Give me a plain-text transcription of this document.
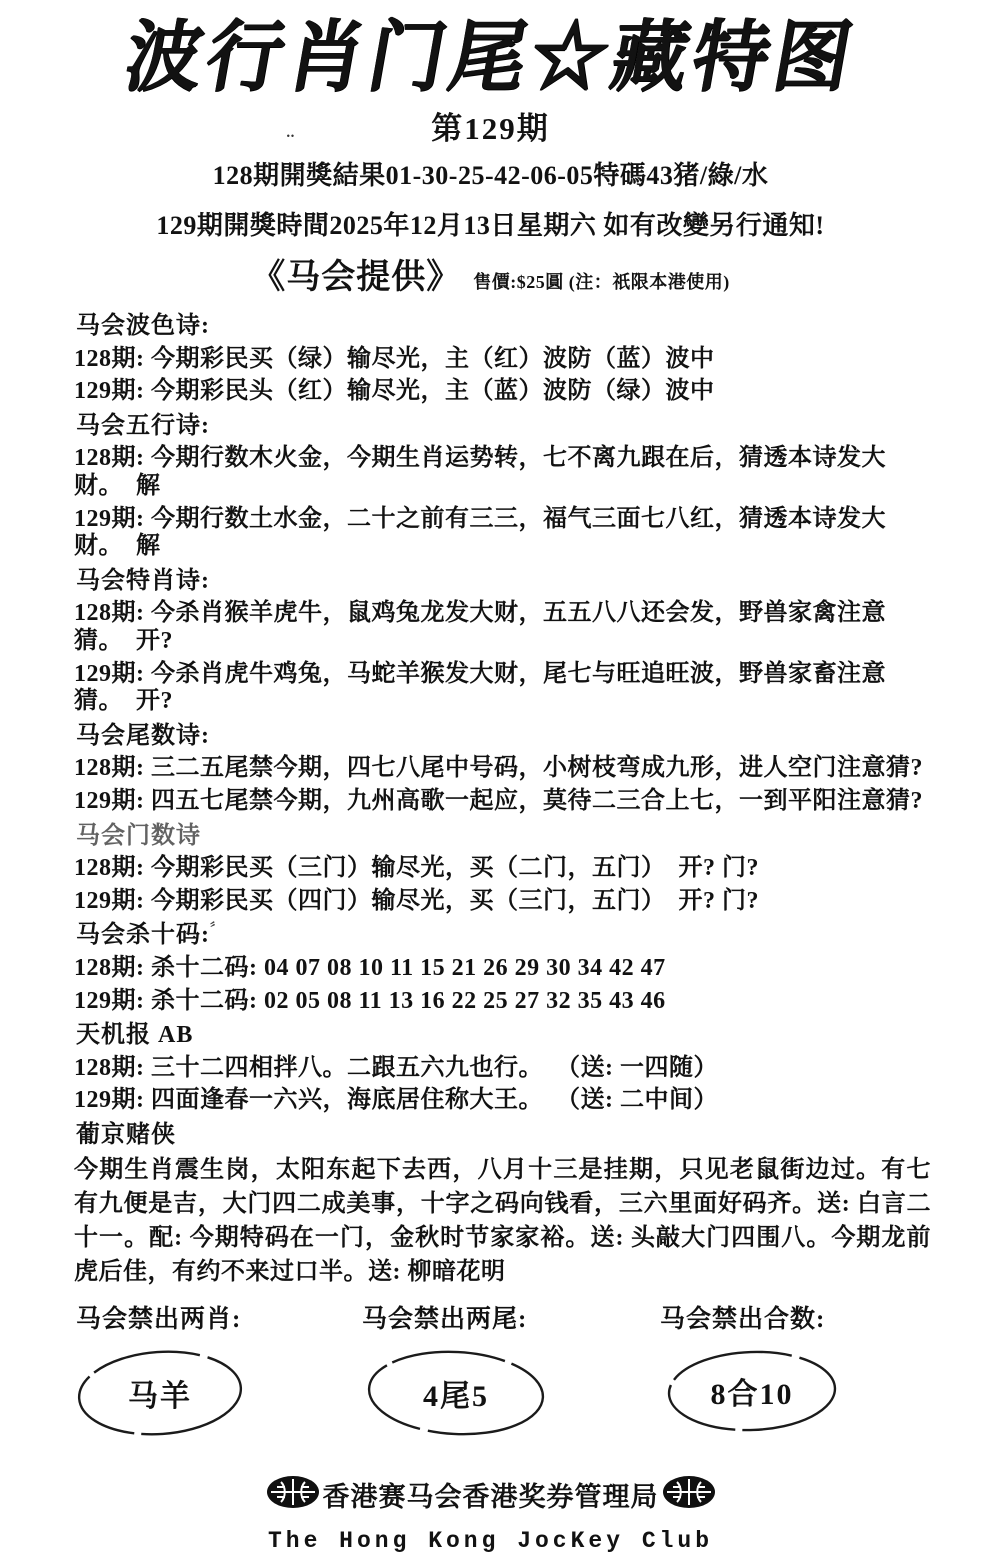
波行肖门尾☆藏特图
‥	第129期
128期開獎結果01-30-25-42-06-05特碼43猪/綠/水
129期開獎時間2025年12月13日星期六 如有改變另行通知!
《马会提供》 售價:$25圓 (注：祇限本港使用)
马会波色诗:
128期: 今期彩民买（绿）输尽光，主（红）波防（蓝）波中
129期: 今期彩民头（红）输尽光，主（蓝）波防（绿）波中
马会五行诗:
128期: 今期行数木火金，今期生肖运势转，七不离九跟在后，猜透本诗发大财。  解
129期: 今期行数土水金，二十之前有三三，福气三面七八红，猜透本诗发大财。  解
马会特肖诗:
128期: 今杀肖猴羊虎牛，鼠鸡兔龙发大财，五五八八还会发，野兽家禽注意猜。  开?
129期: 今杀肖虎牛鸡兔，马蛇羊猴发大财，尾七与旺追旺波，野兽家畜注意猜。  开?
马会尾数诗:
128期: 三二五尾禁今期，四七八尾中号码，小树枝弯成九形，进人空门注意猜?
129期: 四五七尾禁今期，九州高歌一起应，莫待二三合上七，一到平阳注意猜?
马会门数诗
128期: 今期彩民买（三门）输尽光，买（二门，五门）  开? 门?
129期: 今期彩民买（四门）输尽光，买（三门，五门）  开? 门?
马会杀十码:〞
128期: 杀十二码: 04 07 08 10 11 15 21 26 29 30 34 42 47
129期: 杀十二码: 02 05 08 11 13 16 22 25 27 32 35 43 46
天机报 AB
128期: 三十二四相拌八。二跟五六九也行。  （送: 一四随）
129期: 四面逢春一六兴，海底居住称大王。  （送: 二中间）
葡京赌侠
今期生肖震生岗，太阳东起下去西，八月十三是挂期，只见老鼠街边过。有七有九便是吉，大门四二成美事，十字之码向钱看，三六里面好码齐。送: 白言二十一。配: 今期特码在一门，金秋时节家家裕。送: 头敲大门四围八。今期龙前虎后佳，有约不来过口半。送: 柳暗花明
马会禁出两肖:
马羊
马会禁出两尾:
4尾5
马会禁出合数:
8合10
香港赛马会香港奖券管理局
The Hong Kong JocKey Club
